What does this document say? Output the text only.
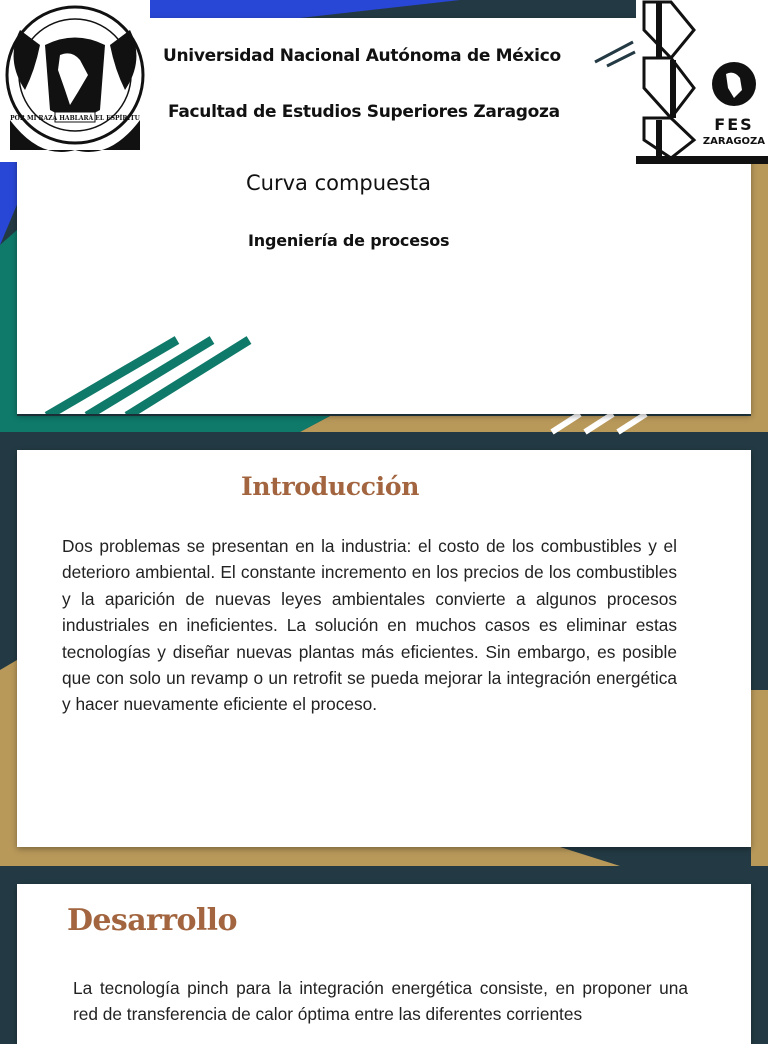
POR MI RAZA HABLARÁ EL ESPÍRITU	FES
ZARAGOZA
Universidad Nacional Autónoma de México
Facultad de Estudios Superiores Zaragoza
Curva compuesta
Ingeniería de procesos
Introducción
Dos problemas se presentan en la industria: el costo de los combustibles y el deterioro ambiental. El constante incremento en los precios de los combustibles y la aparición de nuevas leyes ambientales convierte a algunos procesos industriales en ineficientes. La solución en muchos casos es eliminar estas tecnologías y diseñar nuevas plantas más eficientes. Sin embargo, es posible que con solo un revamp o un retrofit se pueda mejorar la integración energética y hacer nuevamente eficiente el proceso.
Desarrollo
La tecnología pinch para la integración energética consiste, en proponer una red de transferencia de calor óptima entre las diferentes corrientes
